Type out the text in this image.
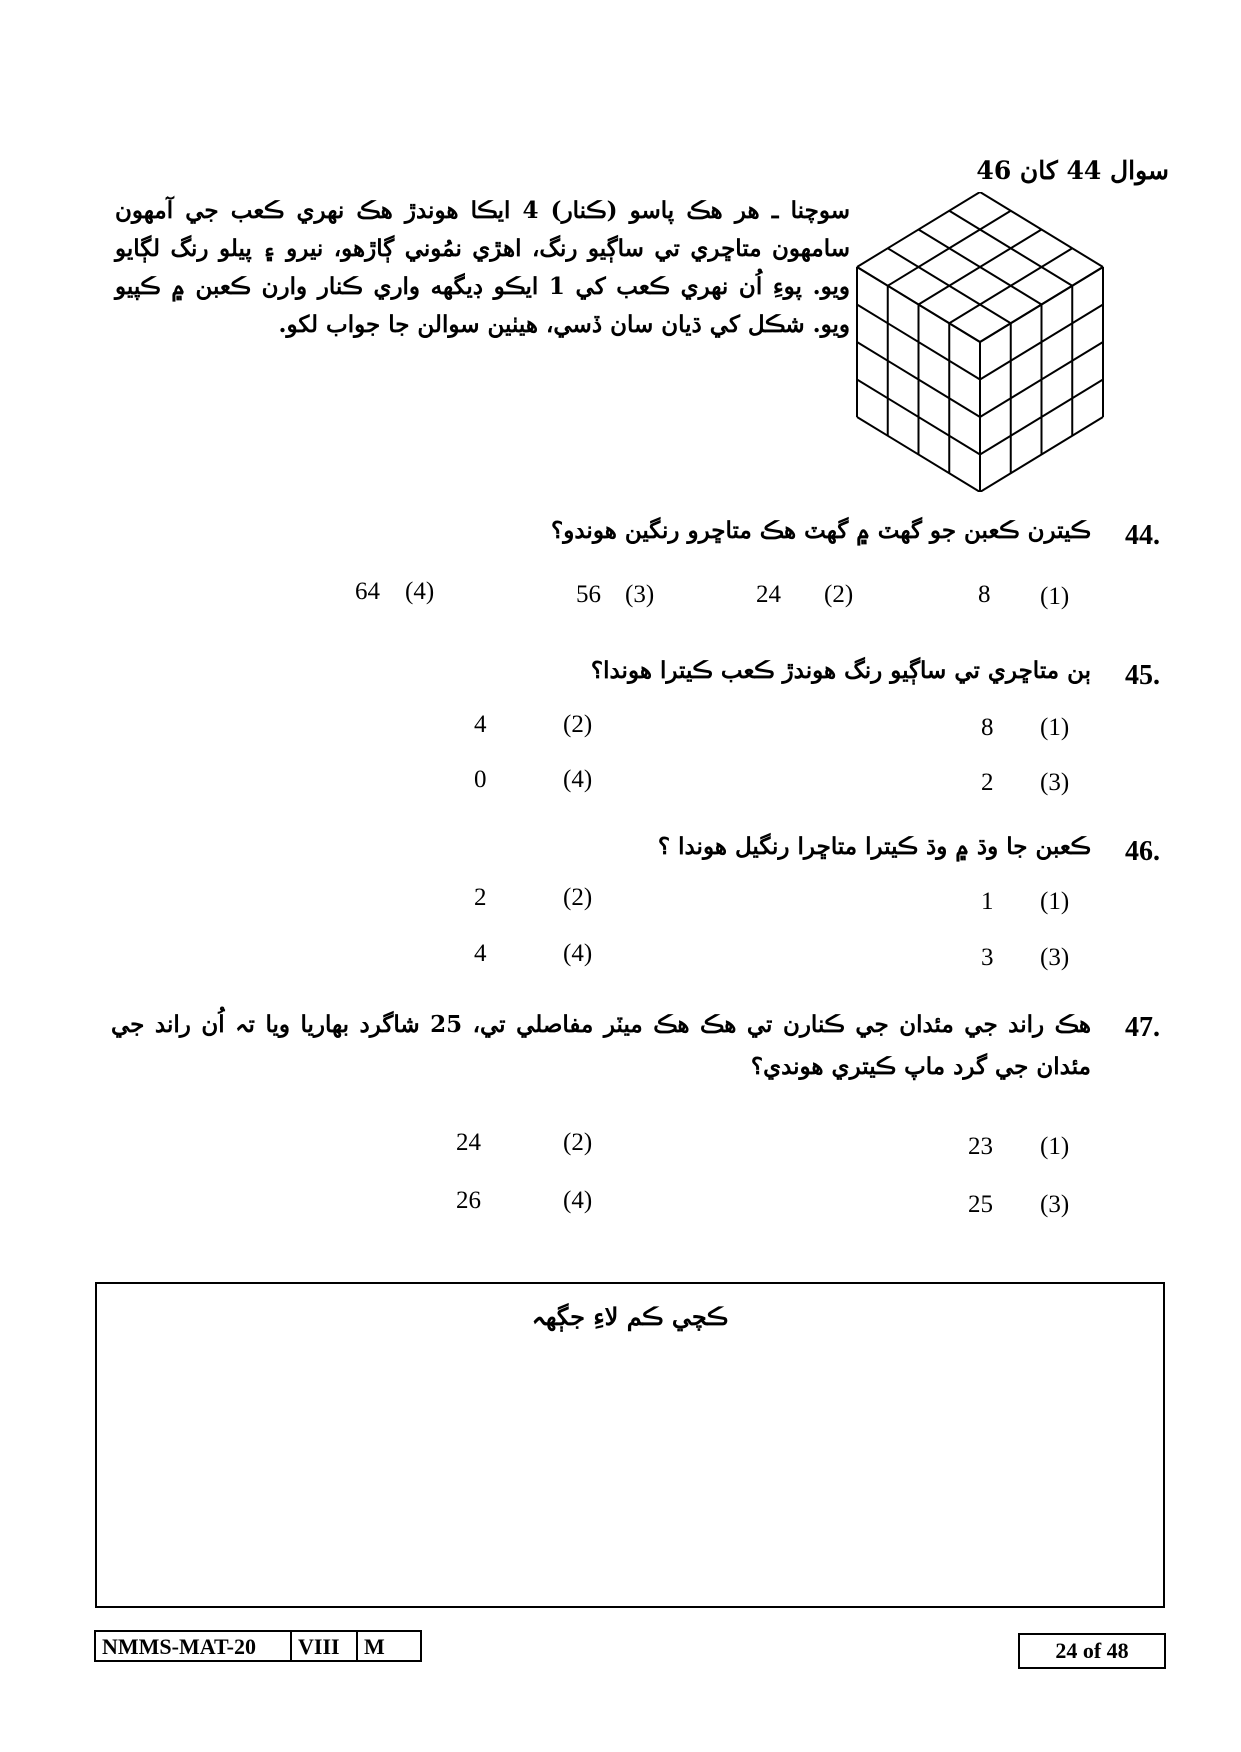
سوال 44 کان 46
سوچنا ـ هر هڪ پاسو (ڪنار) 4 ايڪا هوندڙ هڪ نهري ڪعب جي آمهون سامهون متاڇري تي ساڳيو رنگ، اهڙي نمُوني ڳاڙهو، نيرو ۽ پيلو رنگ لڳايو ويو. پوءِ اُن نهري ڪعب کي 1 ايڪو ڊيگهه واري ڪنار وارن ڪعبن ۾ ڪپيو ويو. شڪل کي ڌيان سان ڏسي، هيٺين سوالن جا جواب لکو.
44.
ڪيترن ڪعبن جو گهٽ ۾ گهٽ هڪ متاڇرو رنگين هوندو؟
(1)
8
(2)
24
(3)
56
(4)
64
45.
ٻن متاڇري تي ساڳيو رنگ هوندڙ ڪعب ڪيترا هوندا؟
(1)
8
(2)
4
(3)
2
(4)
0
46.
ڪعبن جا وڌ ۾ وڌ ڪيترا متاڇرا رنگيل هوندا ؟
(1)
1
(2)
2
(3)
3
(4)
4
47.
هڪ راند جي مئدان جي ڪنارن تي هڪ هڪ ميٽر مفاصلي تي، 25 شاگرد بهاريا ويا تہ اُن راند جي مئدان جي گرد ماپ ڪيتري هوندي؟
(1)
23
(2)
24
(3)
25
(4)
26
ڪچي ڪم لاءِ جڳهہ
NMMS-MAT-20	VIII	M	24 of 48
